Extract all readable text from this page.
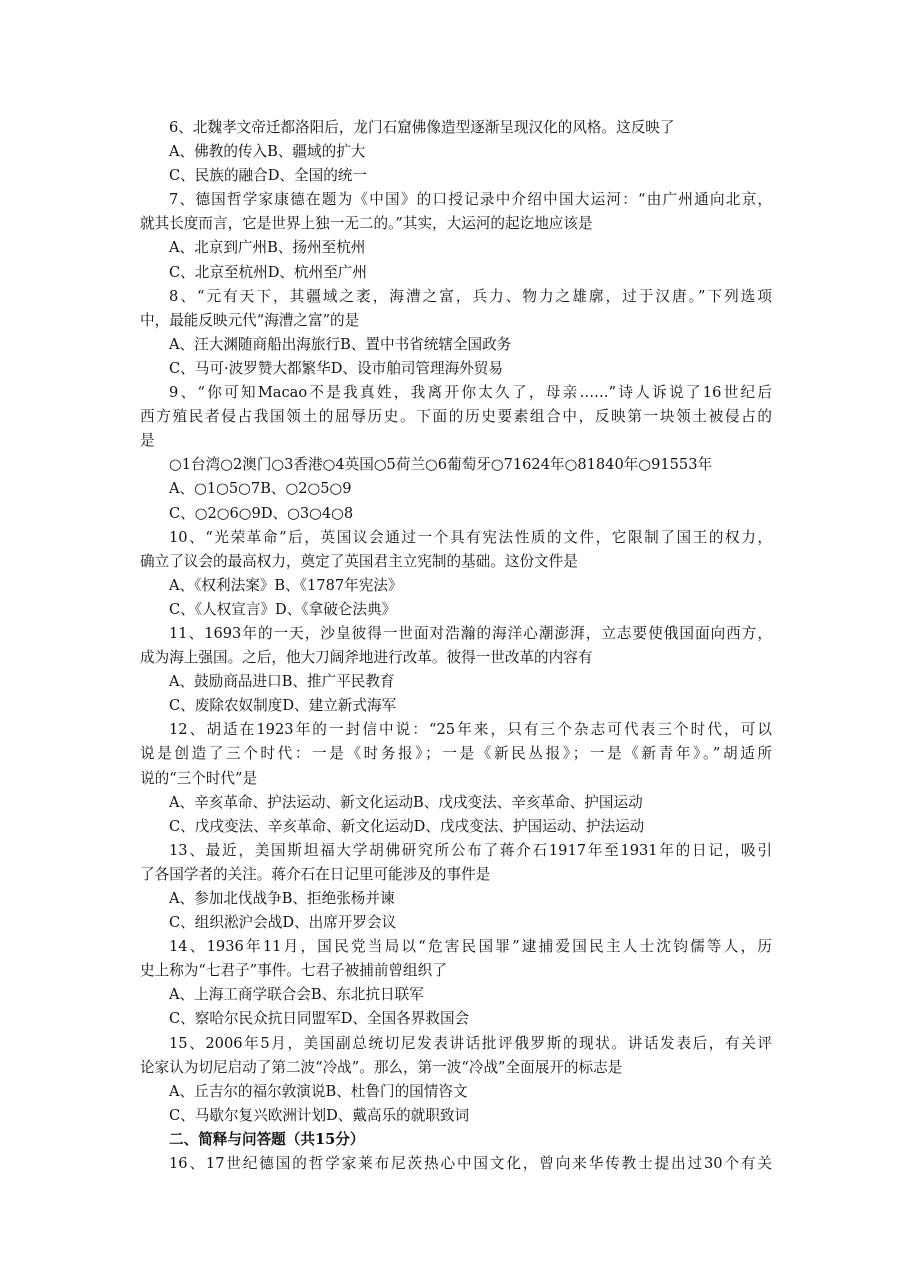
6、北魏孝文帝迁都洛阳后，龙门石窟佛像造型逐渐呈现汉化的风格。这反映了
A、佛教的传入B、疆域的扩大
C、民族的融合D、全国的统一
7、德国哲学家康德在题为《中国》的口授记录中介绍中国大运河：“由广州通向北京，
就其长度而言，它是世界上独一无二的。”其实，大运河的起讫地应该是
A、北京到广州B、扬州至杭州
C、北京至杭州D、杭州至广州
8、“元有天下，其疆域之袤，海漕之富，兵力、物力之雄廓，过于汉唐。”下列选项
中，最能反映元代“海漕之富”的是
A、汪大渊随商船出海旅行B、置中书省统辖全国政务
C、马可·波罗赞大都繁华D、设市舶司管理海外贸易
9、“你可知Macao不是我真姓，我离开你太久了，母亲……”诗人诉说了16世纪后
西方殖民者侵占我国领土的屈辱历史。下面的历史要素组合中，反映第一块领土被侵占的
是
○1台湾○2澳门○3香港○4英国○5荷兰○6葡萄牙○71624年○81840年○91553年
A、○1○5○7B、○2○5○9
C、○2○6○9D、○3○4○8
10、“光荣革命”后，英国议会通过一个具有宪法性质的文件，它限制了国王的权力，
确立了议会的最高权力，奠定了英国君主立宪制的基础。这份文件是
A、《权利法案》B、《1787年宪法》
C、《人权宣言》D、《拿破仑法典》
11、1693年的一天，沙皇彼得一世面对浩瀚的海洋心潮澎湃，立志要使俄国面向西方，
成为海上强国。之后，他大刀阔斧地进行改革。彼得一世改革的内容有
A、鼓励商品进口B、推广平民教育
C、废除农奴制度D、建立新式海军
12、胡适在1923年的一封信中说：“25年来，只有三个杂志可代表三个时代，可以
说是创造了三个时代：一是《时务报》；一是《新民丛报》；一是《新青年》。”胡适所
说的“三个时代”是
A、辛亥革命、护法运动、新文化运动B、戊戌变法、辛亥革命、护国运动
C、戊戌变法、辛亥革命、新文化运动D、戊戌变法、护国运动、护法运动
13、最近，美国斯坦福大学胡佛研究所公布了蒋介石1917年至1931年的日记，吸引
了各国学者的关注。蒋介石在日记里可能涉及的事件是
A、参加北伐战争B、拒绝张杨并谏
C、组织淞沪会战D、出席开罗会议
14、1936年11月，国民党当局以“危害民国罪”逮捕爱国民主人士沈钧儒等人，历
史上称为“七君子”事件。七君子被捕前曾组织了
A、上海工商学联合会B、东北抗日联军
C、察哈尔民众抗日同盟军D、全国各界救国会
15、2006年5月，美国副总统切尼发表讲话批评俄罗斯的现状。讲话发表后，有关评
论家认为切尼启动了第二波“冷战”。那么，第一波“冷战”全面展开的标志是
A、丘吉尔的福尔敦演说B、杜鲁门的国情咨文
C、马歇尔复兴欧洲计划D、戴高乐的就职致词
二、简释与问答题（共15分）
16、17世纪德国的哲学家莱布尼茨热心中国文化，曾向来华传教士提出过30个有关
